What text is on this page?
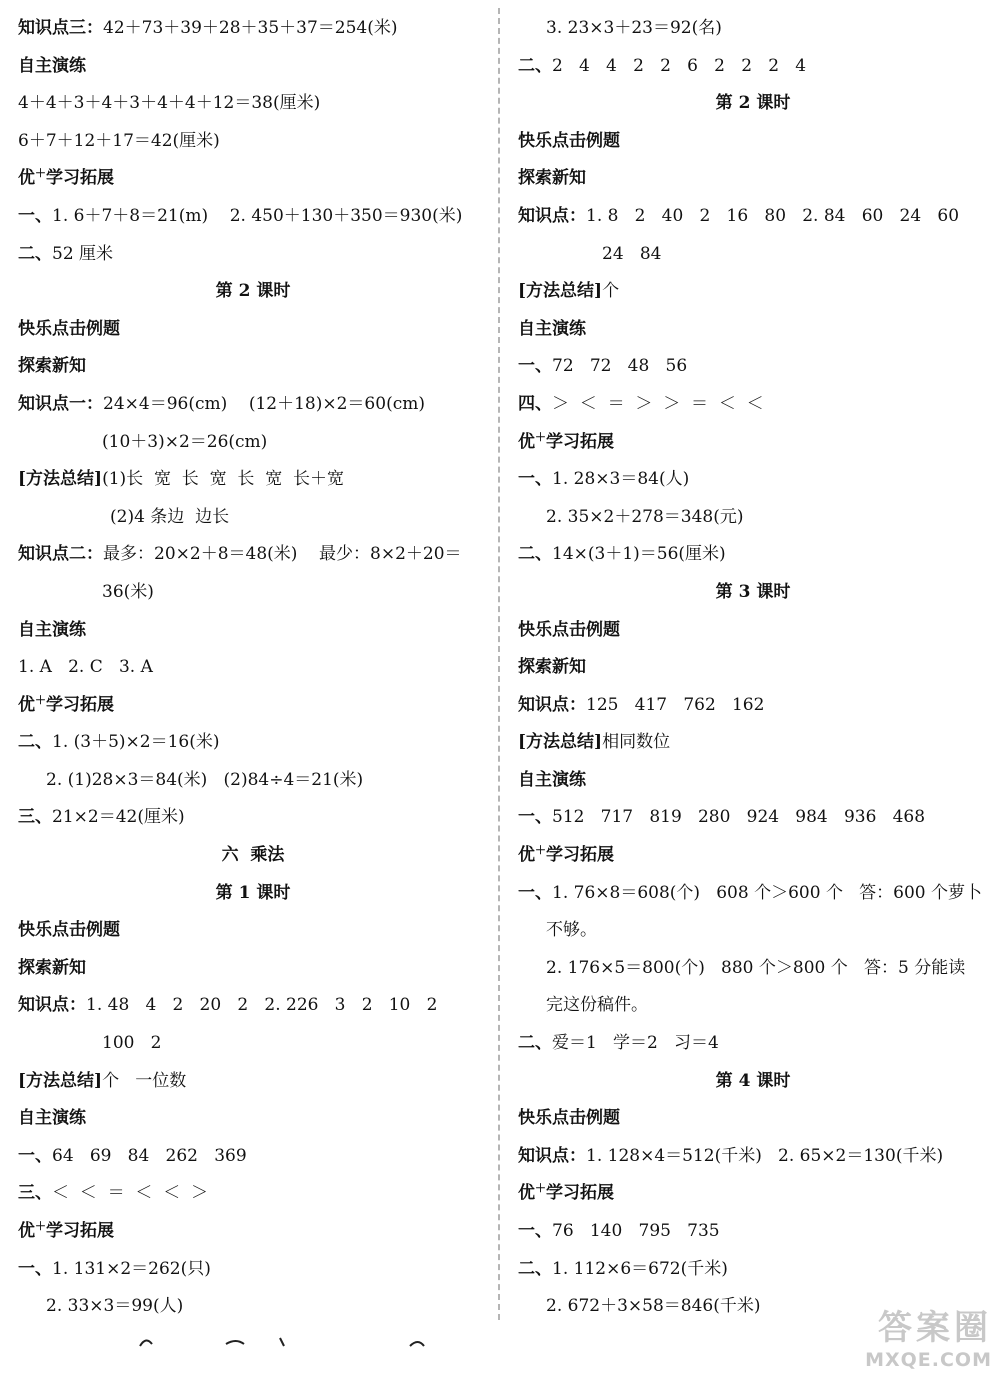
知识点三：42＋73＋39＋28＋35＋37＝254(米)
自主演练
4＋4＋3＋4＋3＋4＋4＋12＝38(厘米)
6＋7＋12＋17＝42(厘米)
优＋学习拓展
一、1. 6＋7＋8＝21(m)    2. 450＋130＋350＝930(米)
二、52 厘米
第 2 课时
快乐点击例题
探索新知
知识点一：24×4＝96(cm)    (12＋18)×2＝60(cm)
(10＋3)×2＝26(cm)
[方法总结](1)长  宽  长  宽  长  宽  长＋宽
(2)4 条边  边长
知识点二：最多：20×2＋8＝48(米)    最少：8×2＋20＝
36(米)
自主演练
1. A   2. C   3. A
优＋学习拓展
二、1. (3＋5)×2＝16(米)
2. (1)28×3＝84(米)   (2)84÷4＝21(米)
三、21×2＝42(厘米)
六  乘法
第 1 课时
快乐点击例题
探索新知
知识点：1. 48   4   2   20   2   2. 226   3   2   10   2
100   2
[方法总结]个   一位数
自主演练
一、64   69   84   262   369
三、＜  ＜  ＝  ＜  ＜  ＞
优＋学习拓展
一、1. 131×2＝262(只)
2. 33×3＝99(人)
3. 23×3＋23＝92(名)
二、2   4   4   2   2   6   2   2   2   4
第 2 课时
快乐点击例题
探索新知
知识点：1. 8   2   40   2   16   80   2. 84   60   24   60
24   84
[方法总结]个
自主演练
一、72   72   48   56
四、＞  ＜  ＝  ＞  ＞  ＝  ＜  ＜
优＋学习拓展
一、1. 28×3＝84(人)
2. 35×2＋278＝348(元)
二、14×(3＋1)＝56(厘米)
第 3 课时
快乐点击例题
探索新知
知识点：125   417   762   162
[方法总结]相同数位
自主演练
一、512   717   819   280   924   984   936   468
优＋学习拓展
一、1. 76×8＝608(个)   608 个＞600 个   答：600 个萝卜
不够。
2. 176×5＝800(个)   880 个＞800 个   答：5 分能读
完这份稿件。
二、爱＝1   学＝2   习＝4
第 4 课时
快乐点击例题
知识点：1. 128×4＝512(千米)   2. 65×2＝130(千米)
优＋学习拓展
一、76   140   795   735
二、1. 112×6＝672(千米)
2. 672＋3×58＝846(千米)
答案圈
MXQE.COM
